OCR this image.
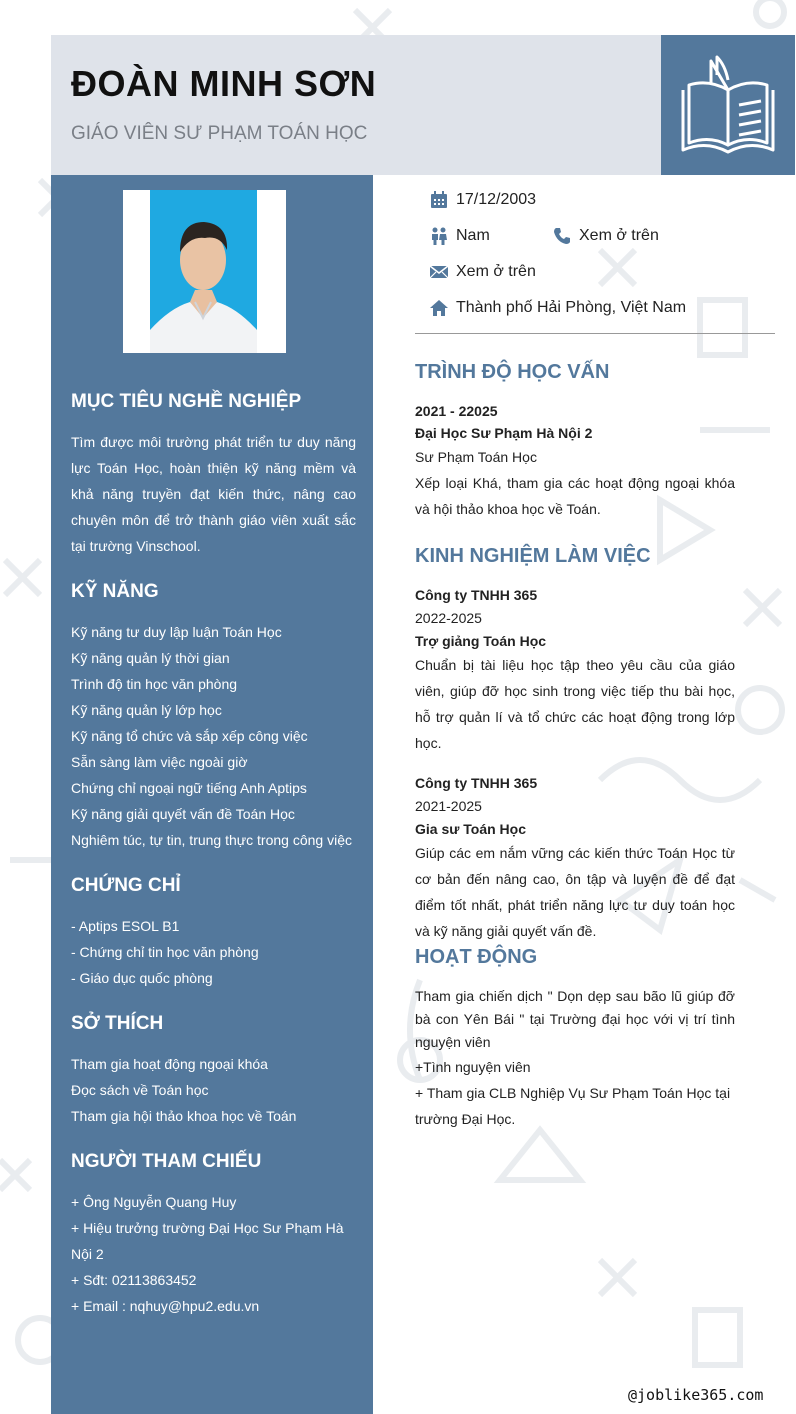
ĐOÀN MINH SƠN
GIÁO VIÊN SƯ PHẠM TOÁN HỌC
MỤC TIÊU NGHỀ NGHIỆP

Tìm được môi trường phát triển tư duy năng lực Toán Học, hoàn thiện kỹ năng mềm và khả năng truyền đạt kiến thức, nâng cao chuyên môn để trở thành giáo viên xuất sắc tại trường Vinschool.

KỸ NĂNG

Kỹ năng tư duy lập luận Toán Học

Kỹ năng quản lý thời gian

Trình độ tin học văn phòng

Kỹ năng quản lý lớp học

Kỹ năng tổ chức và sắp xếp công việc

Sẵn sàng làm việc ngoài giờ

Chứng chỉ ngoại ngữ tiếng Anh Aptips

Kỹ năng giải quyết vấn đề Toán Học

Nghiêm túc, tự tin, trung thực trong công việc

CHỨNG CHỈ

- Aptips ESOL B1

- Chứng chỉ tin học văn phòng

- Giáo dục quốc phòng

SỞ THÍCH

Tham gia hoạt động ngoại khóa

Đọc sách về Toán học

Tham gia hội thảo khoa học về Toán

NGƯỜI THAM CHIẾU

+ Ông Nguyễn Quang Huy

+ Hiệu trưởng trường Đại Học Sư Phạm Hà Nội 2

+ Sđt: 02113863452

+ Email : nqhuy@hpu2.edu.vn

17/12/2003
Nam	Xem ở trên
Xem ở trên
Thành phố Hải Phòng, Việt Nam
TRÌNH ĐỘ HỌC VẤN
2021 - 22025
Đại Học Sư Phạm Hà Nội 2
Sư Phạm Toán Học
Xếp loại Khá, tham gia các hoạt động ngoại khóa và hội thảo khoa học về Toán.
KINH NGHIỆM LÀM VIỆC
Công ty TNHH 365
2022-2025
Trợ giảng Toán Học
Chuẩn bị tài liệu học tập theo yêu cầu của giáo viên, giúp đỡ học sinh trong việc tiếp thu bài học, hỗ trợ quản lí và tổ chức các hoạt động trong lớp học.
Công ty TNHH 365
2021-2025
Gia sư Toán Học
Giúp các em nắm vững các kiến thức Toán Học từ cơ bản đến nâng cao, ôn tập và luyện đề để đạt điểm tốt nhất, phát triển năng lực tư duy toán học và kỹ năng giải quyết vấn đề.
HOẠT ĐỘNG
Tham gia chiến dịch " Dọn dẹp sau bão lũ giúp đỡ bà con Yên Bái " tại Trường đại học với vị trí tình nguyện viên
+Tình nguyện viên
+ Tham gia CLB Nghiệp Vụ Sư Phạm Toán Học tại trường Đại Học.
@joblike365.com
